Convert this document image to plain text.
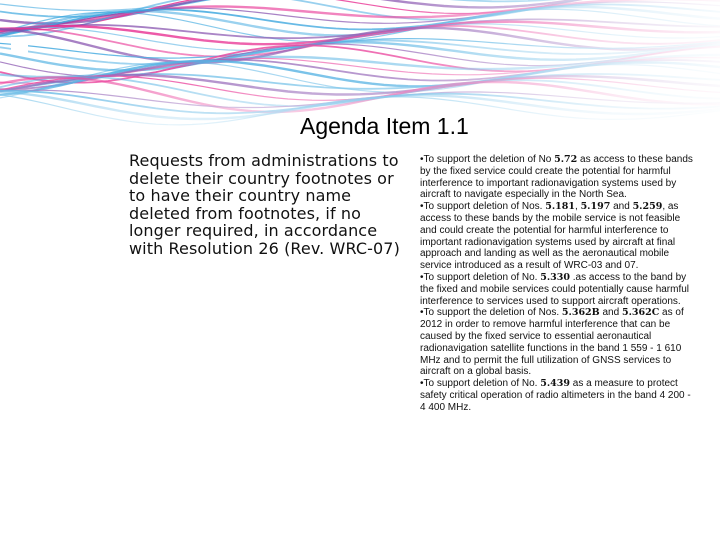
Agenda Item 1.1
Requests from administrations to delete their country footnotes or to have their country name deleted from footnotes, if no longer required, in accordance with Resolution 26 (Rev. WRC‑07)

•To support the deletion of No 5.72 as access to these bands by the fixed service could create the potential for harmful interference to important radionavigation systems used by aircraft to navigate especially in the North Sea.

•To support deletion of Nos. 5.181, 5.197 and 5.259, as access to these bands by the mobile service is not feasible and could create the potential for harmful interference to important radionavigation systems used by aircraft at final approach and landing as well as the aeronautical mobile service introduced as a result of WRC-03 and 07.

•To support deletion of No. 5.330 .as access to the band by the fixed and mobile services could potentially cause harmful interference to services used to support aircraft operations.

•To support the deletion of Nos. 5.362B and 5.362C as of 2012 in order to remove harmful interference that can be caused by the fixed service to essential aeronautical radionavigation satellite functions in the band 1 559 - 1 610 MHz and to permit the full utilization of GNSS services to aircraft on a global basis.

•To support deletion of No. 5.439 as a measure to protect safety critical operation of radio altimeters in the band 4 200 - 4 400 MHz.
